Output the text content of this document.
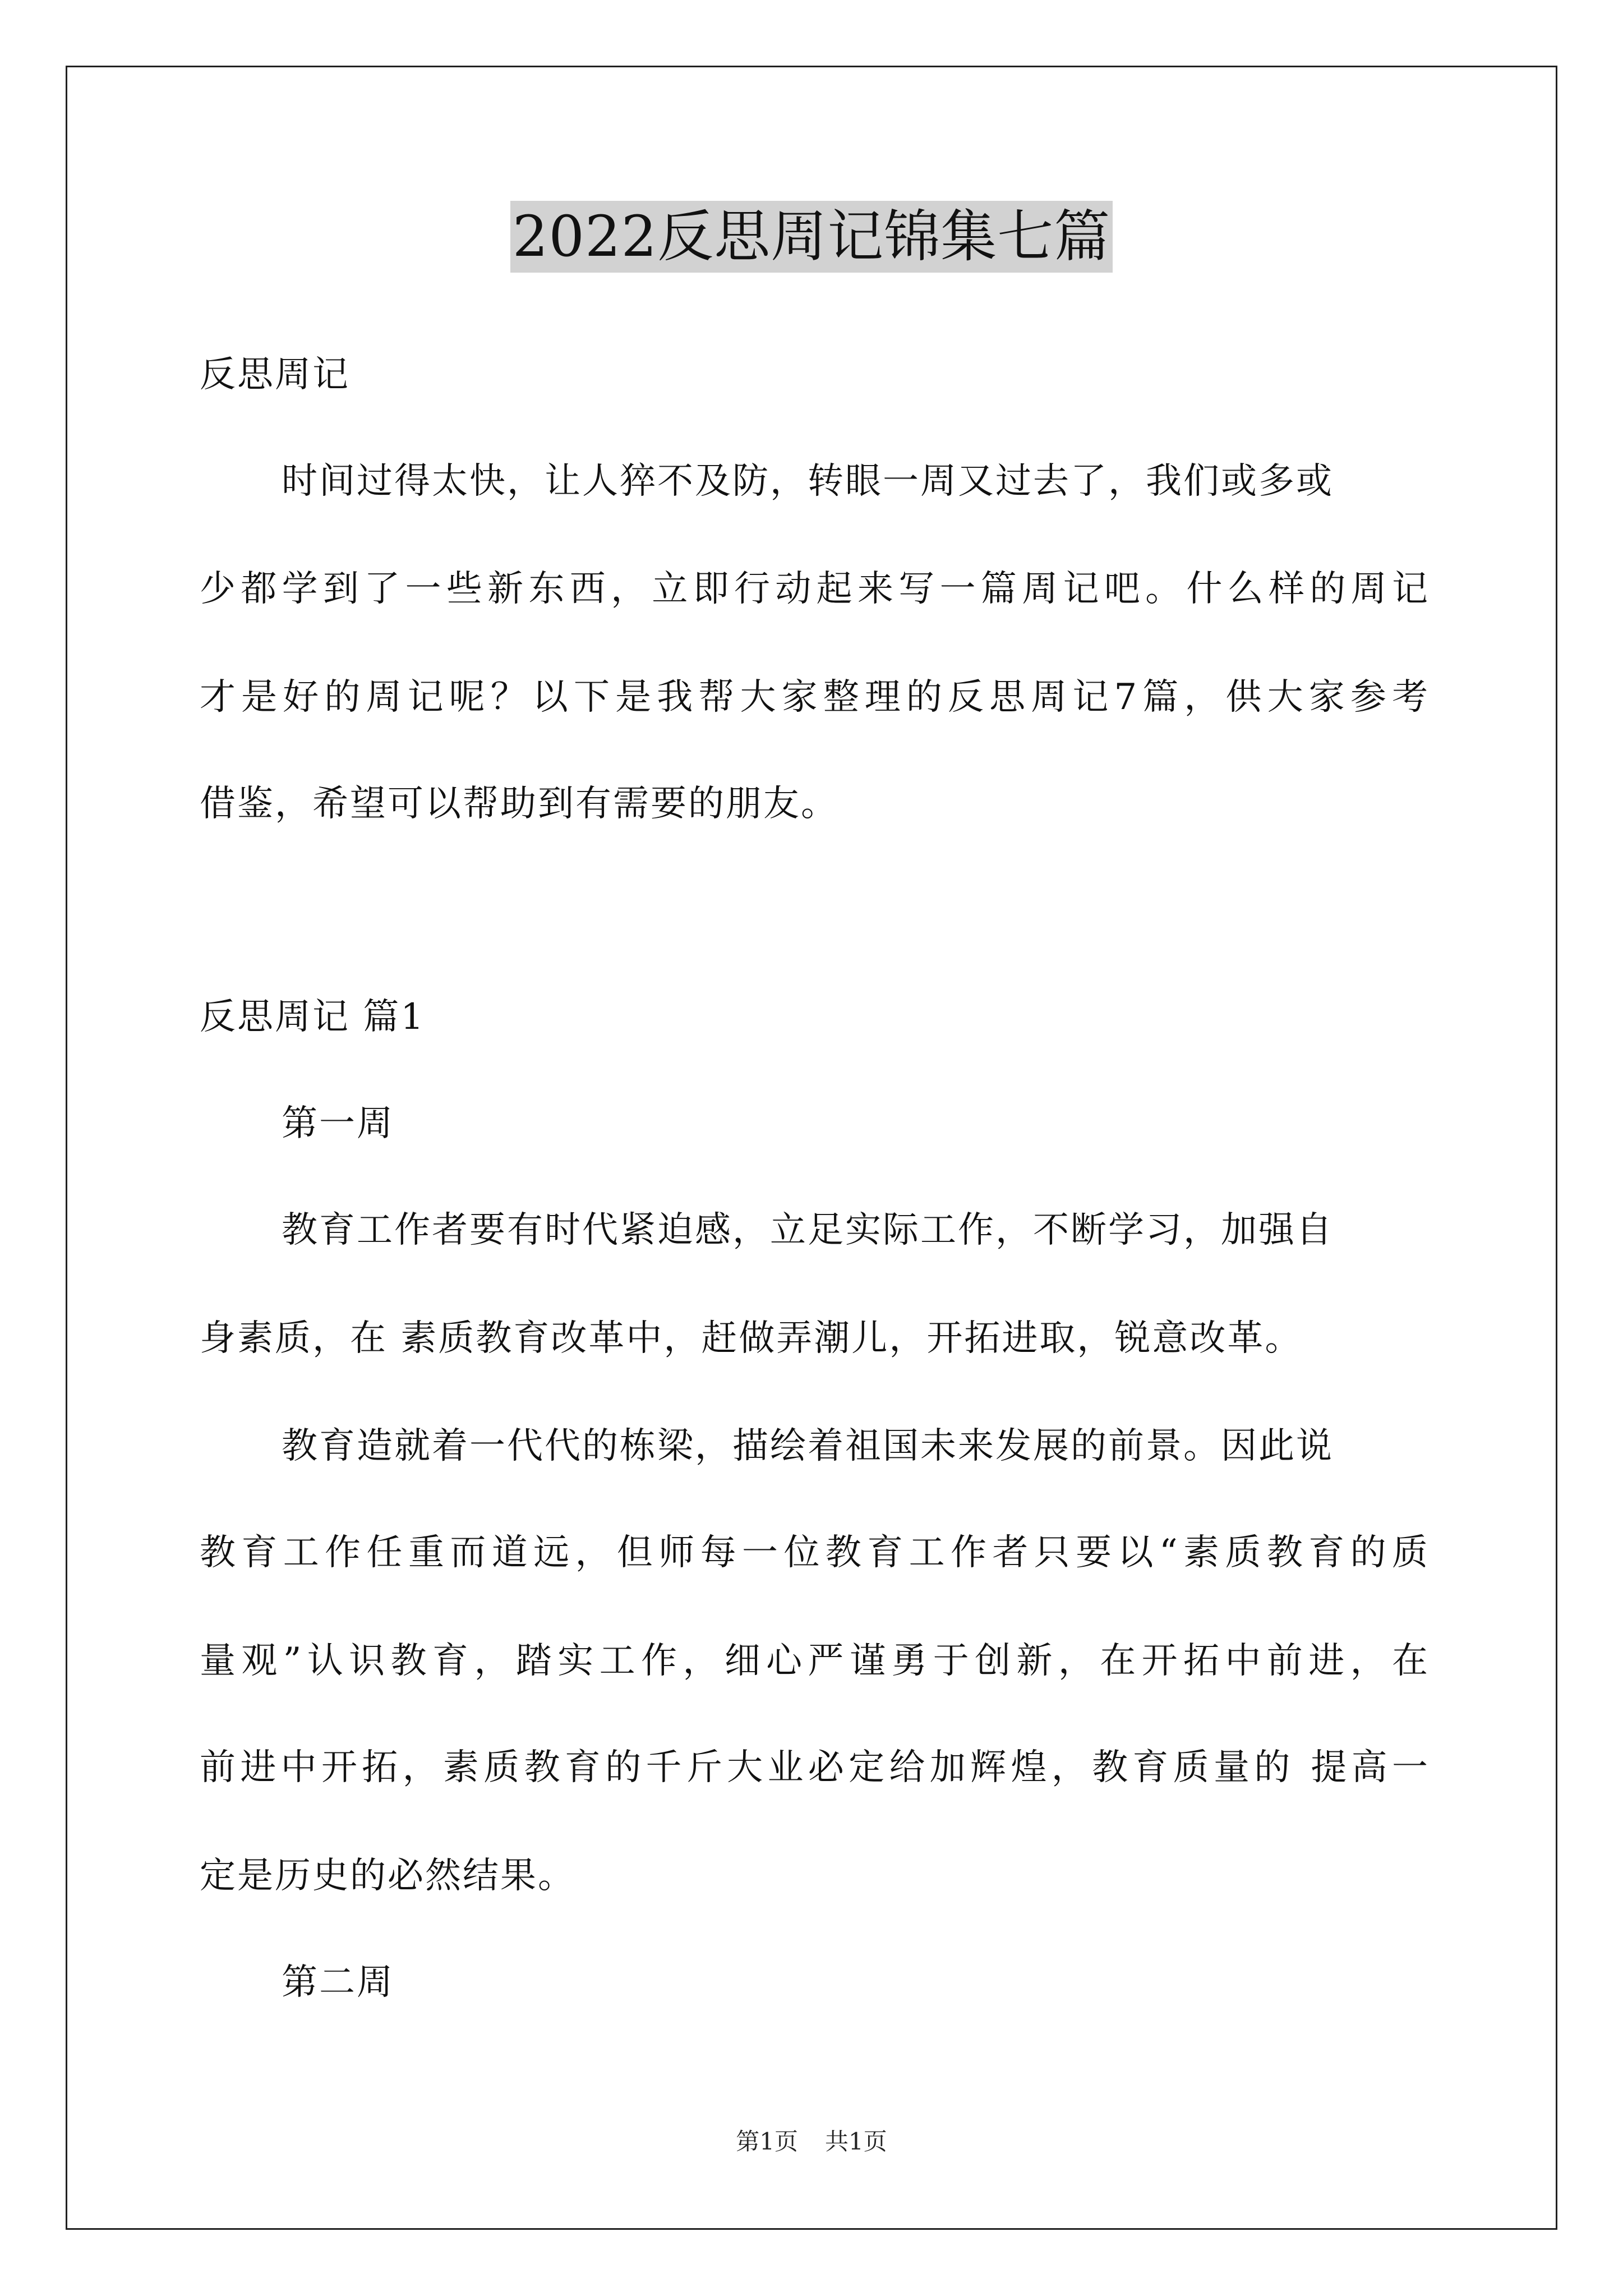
2022反思周记锦集七篇
反思周记
时间过得太快，让人猝不及防，转眼一周又过去了，我们或多或
少都学到了一些新东西，立即行动起来写一篇周记吧。什么样的周记
才是好的周记呢？以下是我帮大家整理的反思周记7篇，供大家参考
借鉴，希望可以帮助到有需要的朋友。
反思周记 篇1
第一周
教育工作者要有时代紧迫感，立足实际工作，不断学习，加强自
身素质，在 素质教育改革中，赶做弄潮儿，开拓进取，锐意改革。
教育造就着一代代的栋梁，描绘着祖国未来发展的前景。因此说
教育工作任重而道远，但师每一位教育工作者只要以“素质教育的质
量观”认识教育，踏实工作，细心严谨勇于创新，在开拓中前进，在
前进中开拓，素质教育的千斤大业必定给加辉煌，教育质量的 提高一
定是历史的必然结果。
第二周
第1页 共1页
